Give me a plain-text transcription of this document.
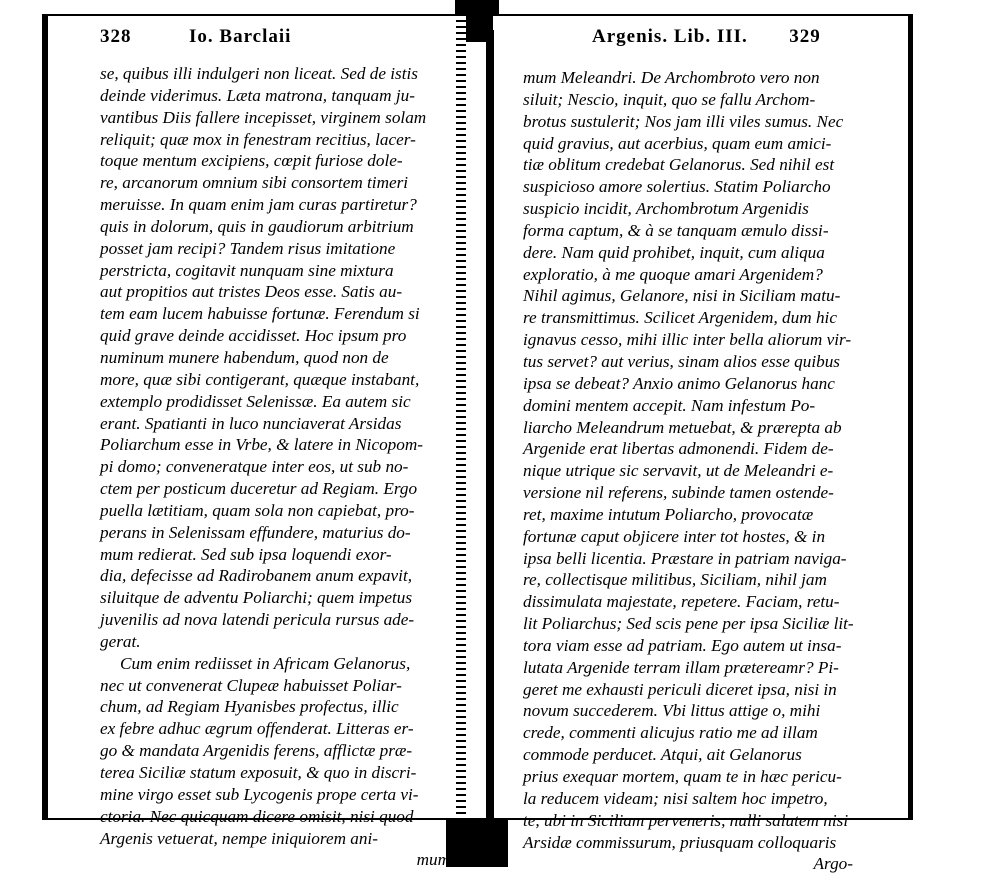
328	Io. Barclaii	Argenis. Lib. III. 329
se, quibus illi indulgeri non liceat. Sed de istis
deinde viderimus. Læta matrona, tanquam ju-
vantibus Diis fallere incepisset, virginem solam
reliquit; quæ mox in fenestram recitius, lacer-
toque mentum excipiens, cœpit furiose dole-
re, arcanorum omnium sibi consortem timeri
meruisse. In quam enim jam curas partiretur?
quis in dolorum, quis in gaudiorum arbitrium
posset jam recipi? Tandem risus imitatione
perstricta, cogitavit nunquam sine mixtura
aut propitios aut tristes Deos esse. Satis au-
tem eam lucem habuisse fortunæ. Ferendum si
quid grave deinde accidisset. Hoc ipsum pro
numinum munere habendum, quod non de
more, quæ sibi contigerant, quæque instabant,
extemplo prodidisset Selenissæ. Ea autem sic
erant. Spatianti in luco nunciaverat Arsidas
Poliarchum esse in Vrbe, & latere in Nicopom-
pi domo; conveneratque inter eos, ut sub no-
ctem per posticum duceretur ad Regiam. Ergo
puella lætitiam, quam sola non capiebat, pro-
perans in Selenissam effundere, maturius do-
mum redierat. Sed sub ipsa loquendi exor-
dia, defecisse ad Radirobanem anum expavit,
siluitque de adventu Poliarchi; quem impetus
juvenilis ad nova latendi pericula rursus ade-
gerat.
Cum enim rediisset in Africam Gelanorus,
nec ut convenerat Clupeæ habuisset Poliar-
chum, ad Regiam Hyanisbes profectus, illic
ex febre adhuc ægrum offenderat. Litteras er-
go & mandata Argenidis ferens, afflictæ præ-
terea Siciliæ statum exposuit, & quo in discri-
mine virgo esset sub Lycogenis prope certa vi-
ctoria. Nec quicquam dicere omisit, nisi quod
Argenis vetuerat, nempe iniquiorem ani-
mum
mum Meleandri. De Archombroto vero non
siluit; Nescio, inquit, quo se fallu Archom-
brotus sustulerit; Nos jam illi viles sumus. Nec
quid gravius, aut acerbius, quam eum amici-
tiæ oblitum credebat Gelanorus. Sed nihil est
suspicioso amore solertius. Statim Poliarcho
suspicio incidit, Archombrotum Argenidis
forma captum, & à se tanquam æmulo dissi-
dere. Nam quid prohibet, inquit, cum aliqua
exploratio, à me quoque amari Argenidem?
Nihil agimus, Gelanore, nisi in Siciliam matu-
re transmittimus. Scilicet Argenidem, dum hic
ignavus cesso, mihi illic inter bella aliorum vir-
tus servet? aut verius, sinam alios esse quibus
ipsa se debeat? Anxio animo Gelanorus hanc
domini mentem accepit. Nam infestum Po-
liarcho Meleandrum metuebat, & prærepta ab
Argenide erat libertas admonendi. Fidem de-
nique utrique sic servavit, ut de Meleandri e-
versione nil referens, subinde tamen ostende-
ret, maxime intutum Poliarcho, provocatæ
fortunæ caput objicere inter tot hostes, & in
ipsa belli licentia. Præstare in patriam naviga-
re, collectisque militibus, Siciliam, nihil jam
dissimulata majestate, repetere. Faciam, retu-
lit Poliarchus; Sed scis pene per ipsa Siciliæ lit-
tora viam esse ad patriam. Ego autem ut insa-
lutata Argenide terram illam prætereamr? Pi-
geret me exhausti periculi diceret ipsa, nisi in
novum succederem. Vbi littus attige o, mihi
crede, commenti alicujus ratio me ad illam
commode perducet. Atqui, ait Gelanorus
prius exequar mortem, quam te in hæc pericu-
la reducem videam; nisi saltem hoc impetro,
te, ubi in Siciliam perveneris, nulli salutem nisi
Arsidæ commissurum, priusquam colloquaris
Argo-
